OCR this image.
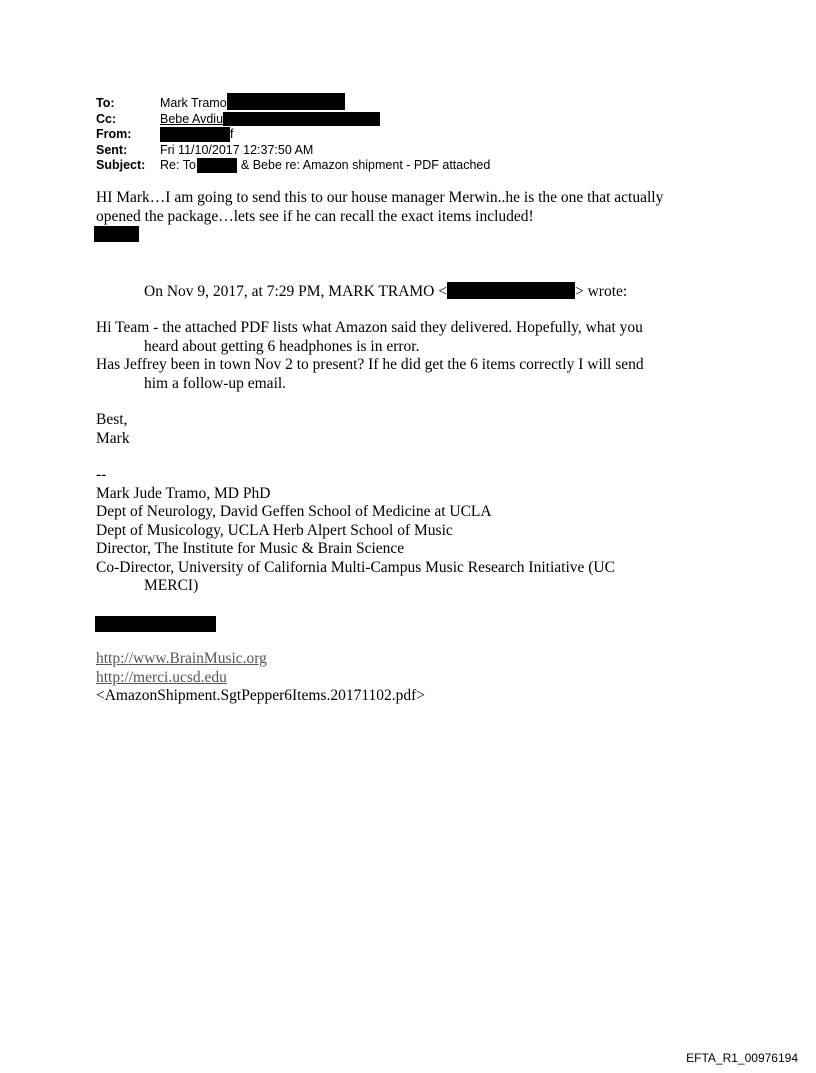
To:	Mark Tramo
Cc:	Bebe Avdiu
From:	f
Sent:	Fri 11/10/2017 12:37:50 AM
Subject: Re: To	& Bebe re: Amazon shipment - PDF attached
HI Mark…I am going to send this to our house manager Merwin..he is the one that actually
opened the package…lets see if he can recall the exact items included!
On Nov 9, 2017, at 7:29 PM, MARK TRAMO <	> wrote:
Hi Team - the attached PDF lists what Amazon said they delivered. Hopefully, what you heard about getting 6 headphones is in error.
Has Jeffrey been in town Nov 2 to present? If he did get the 6 items correctly I will send him a follow-up email.
Best,
Mark
--
Mark Jude Tramo, MD PhD
Dept of Neurology, David Geffen School of Medicine at UCLA
Dept of Musicology, UCLA Herb Alpert School of Music
Director, The Institute for Music & Brain Science
Co-Director, University of California Multi-Campus Music Research Initiative (UC MERCI)
http://www.BrainMusic.org
http://merci.ucsd.edu
<AmazonShipment.SgtPepper6Items.20171102.pdf>
EFTA_R1_00976194
